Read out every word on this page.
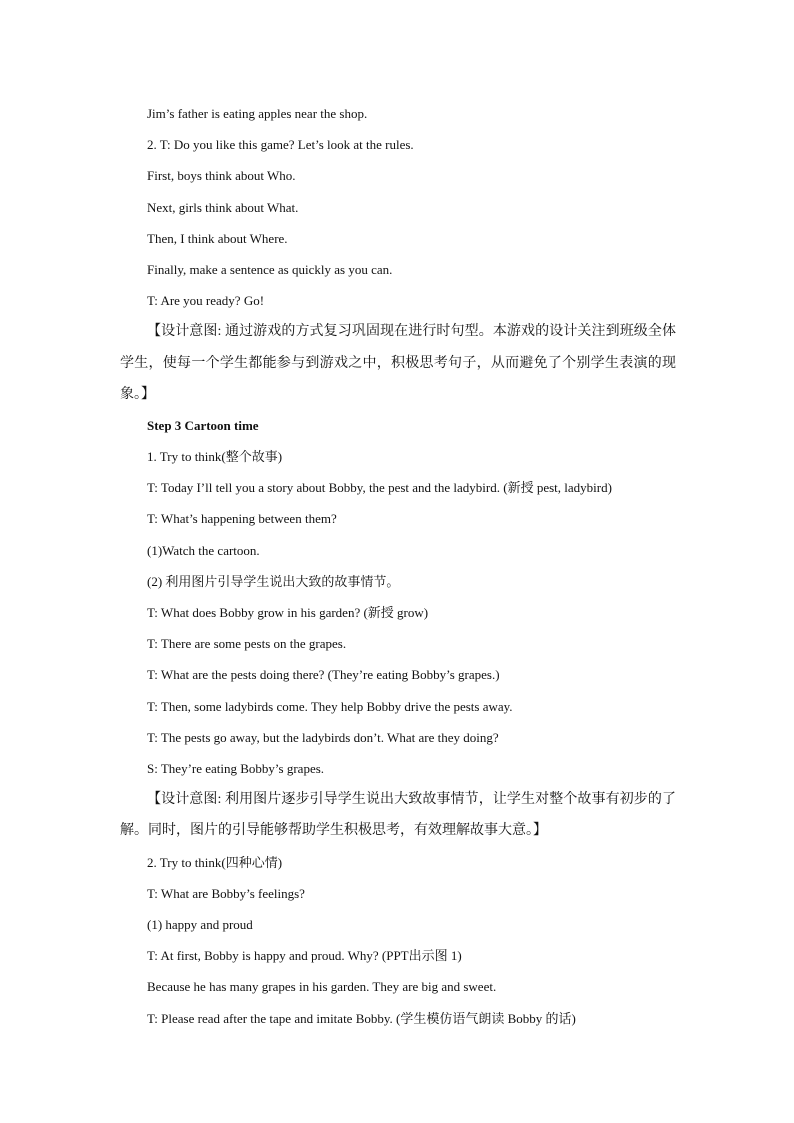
Jim’s father is eating apples near the shop.
2. T: Do you like this game? Let’s look at the rules.
First, boys think about Who.
Next, girls think about What.
Then, I think about Where.
Finally, make a sentence as quickly as you can.
T: Are you ready? Go!

【设计意图: 通过游戏的方式复习巩固现在进行时句型。本游戏的设计关注到班级全体学生，使每一个学生都能参与到游戏之中，积极思考句子，从而避免了个别学生表演的现象。】

Step 3 Cartoon time
1. Try to think(整个故事)
T: Today I’ll tell you a story about Bobby, the pest and the ladybird. (新授 pest, ladybird)
T: What’s happening between them?
(1)Watch the cartoon.
(2) 利用图片引导学生说出大致的故事情节。
T: What does Bobby grow in his garden? (新授 grow)
T: There are some pests on the grapes.
T: What are the pests doing there? (They’re eating Bobby’s grapes.)
T: Then, some ladybirds come. They help Bobby drive the pests away.
T: The pests go away, but the ladybirds don’t. What are they doing?
S: They’re eating Bobby’s grapes.

【设计意图: 利用图片逐步引导学生说出大致故事情节，让学生对整个故事有初步的了解。同时，图片的引导能够帮助学生积极思考，有效理解故事大意。】

2. Try to think(四种心情)
T: What are Bobby’s feelings?
(1) happy and proud
T: At first, Bobby is happy and proud. Why? (PPT出示图 1)
Because he has many grapes in his garden. They are big and sweet.
T: Please read after the tape and imitate Bobby. (学生模仿语气朗读 Bobby 的话)
